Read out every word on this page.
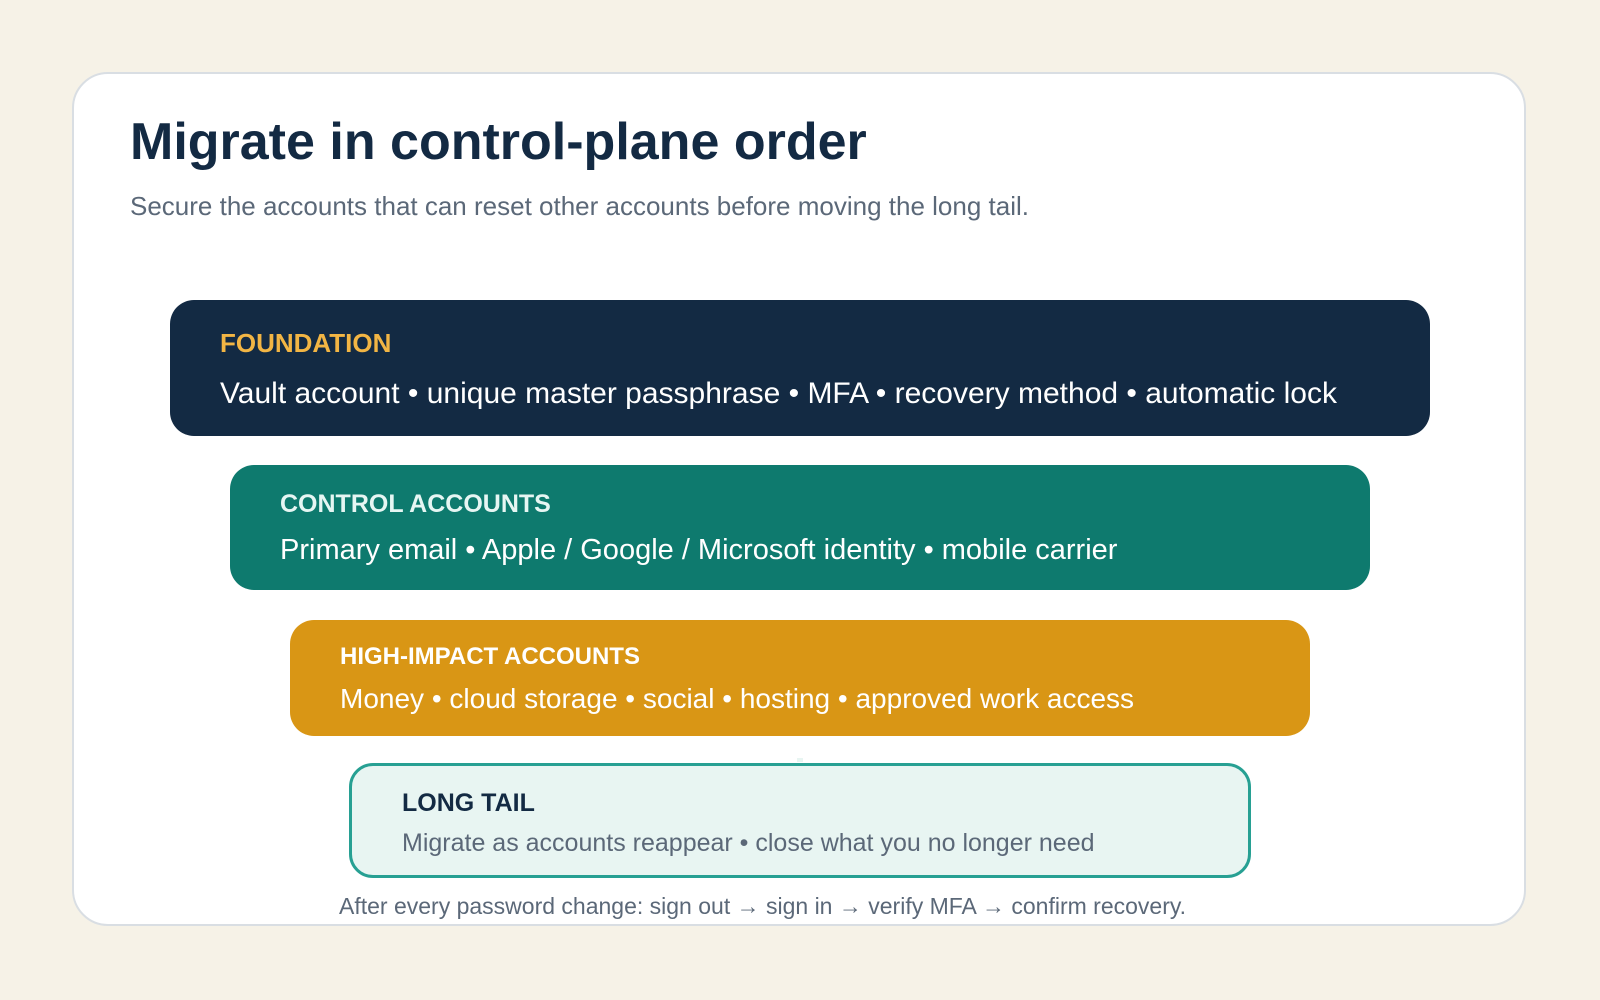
Migrate in control-plane order

Secure the accounts that can reset other accounts before moving the long tail.

FOUNDATION
Vault account • unique master passphrase • MFA • recovery method • automatic lock
CONTROL ACCOUNTS
Primary email • Apple / Google / Microsoft identity • mobile carrier
HIGH-IMPACT ACCOUNTS
Money • cloud storage • social • hosting • approved work access
LONG TAIL
Migrate as accounts reappear • close what you no longer need

After every password change: sign out → sign in → verify MFA → confirm recovery.
